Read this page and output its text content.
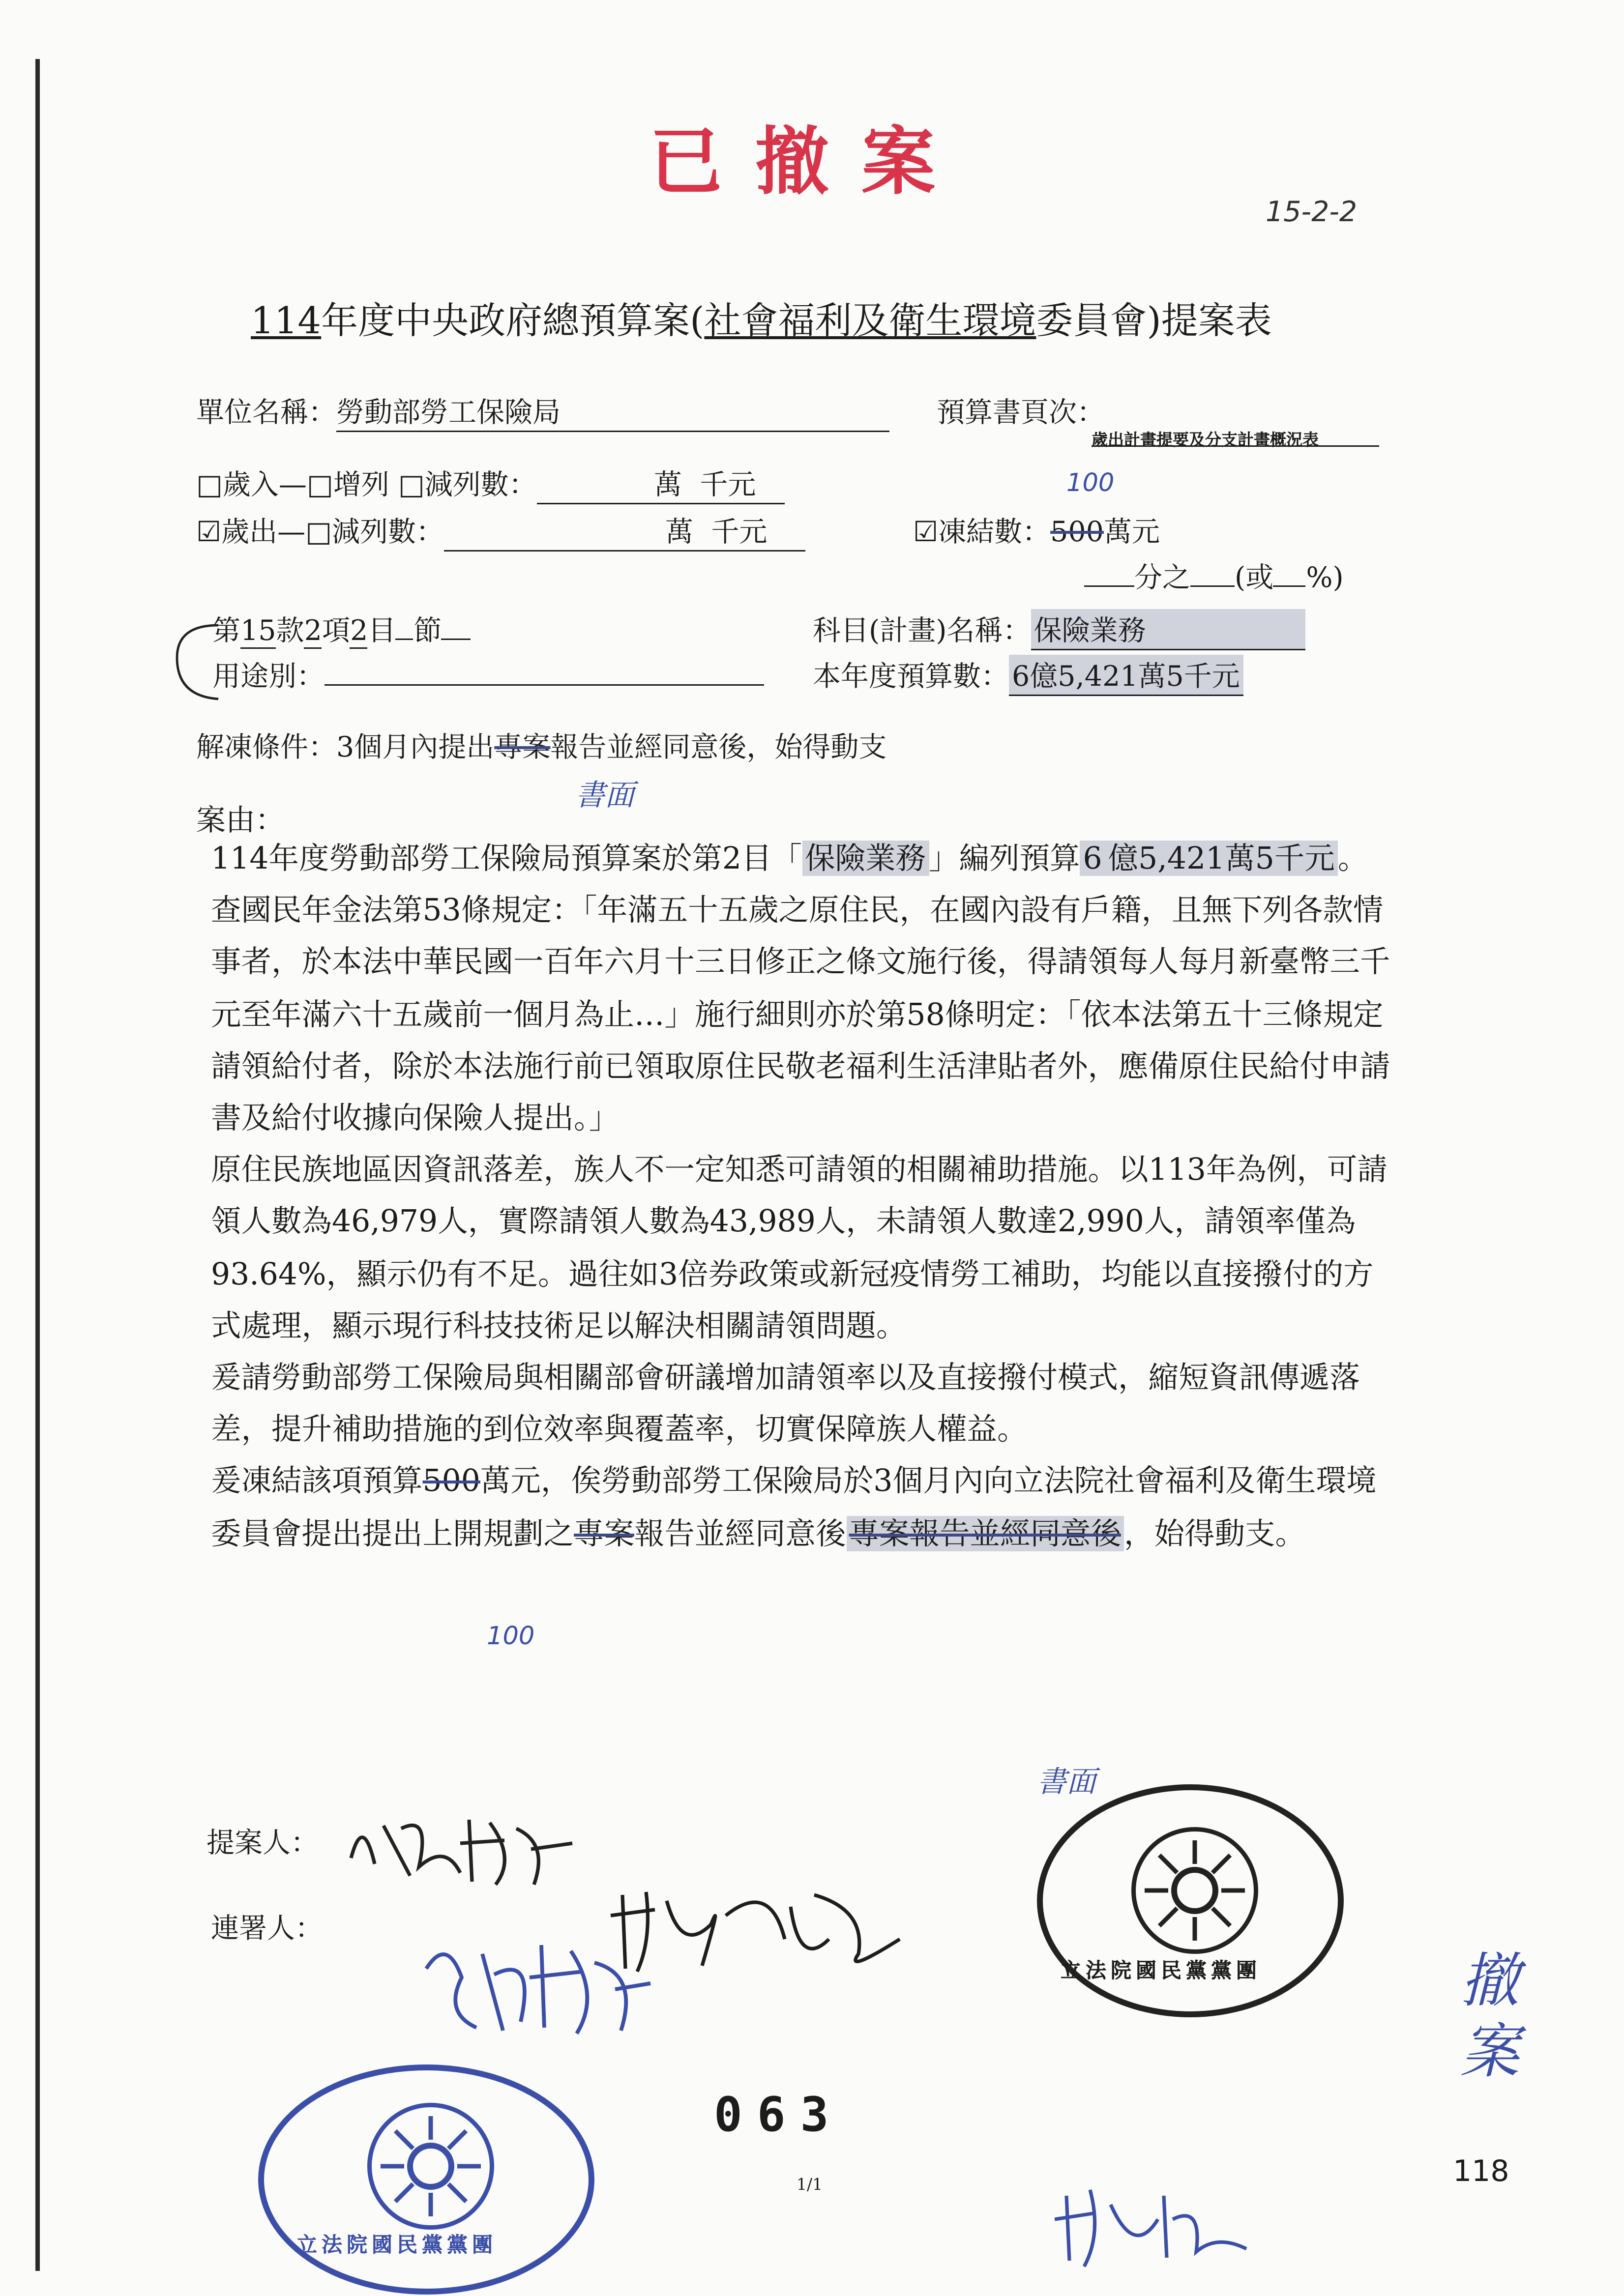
已撤案
15-2-2
114年度中央政府總預算案(社會福利及衛生環境委員會)提案表
單位名稱：勞動部勞工保險局	預算書頁次：
歲出計畫提要及分支計畫概況表
□歲入—□增列 □減列數：	萬 千元	100
☑歲出—□減列數：	萬 千元	☑凍結數：500萬元
分之	(或	%)
第15款2項2目 節	科目(計畫)名稱： 保險業務
用途別：	本年度預算數： 6億5,421萬5千元
解凍條件：3個月內提出專案報告並經同意後，始得動支
書面
案由：

114年度勞動部勞工保險局預算案於第2目「 保險業務 」編列預算 6 億5,421萬5千元 。

查國民年金法第53條規定：「年滿五十五歲之原住民，在國內設有戶籍，且無下列各款情事者，於本法中華民國一百年六月十三日修正之條文施行後，得請領每人每月新臺幣三千元至年滿六十五歲前一個月為止…」施行細則亦於第58條明定：「依本法第五十三條規定請領給付者，除於本法施行前已領取原住民敬老福利生活津貼者外，應備原住民給付申請書及給付收據向保險人提出。」

原住民族地區因資訊落差，族人不一定知悉可請領的相關補助措施。以113年為例，可請領人數為46,979人，實際請領人數為43,989人，未請領人數達2,990人，請領率僅為93.64%，顯示仍有不足。過往如3倍券政策或新冠疫情勞工補助，均能以直接撥付的方式處理，顯示現行科技技術足以解決相關請領問題。

爰請勞動部勞工保險局與相關部會研議增加請領率以及直接撥付模式，縮短資訊傳遞落差，提升補助措施的到位效率與覆蓋率，切實保障族人權益。

爰凍結該項預算500萬元，俟勞動部勞工保險局於3個月內向立法院社會福利及衛生環境委員會提出提出上開規劃之專案報告並經同意後 專案報告並經同意後 ，始得動支。

100
書面
提案人：
連署人：
立法院國民黨黨團
立法院國民黨黨團
撤案
118
063
1/1
